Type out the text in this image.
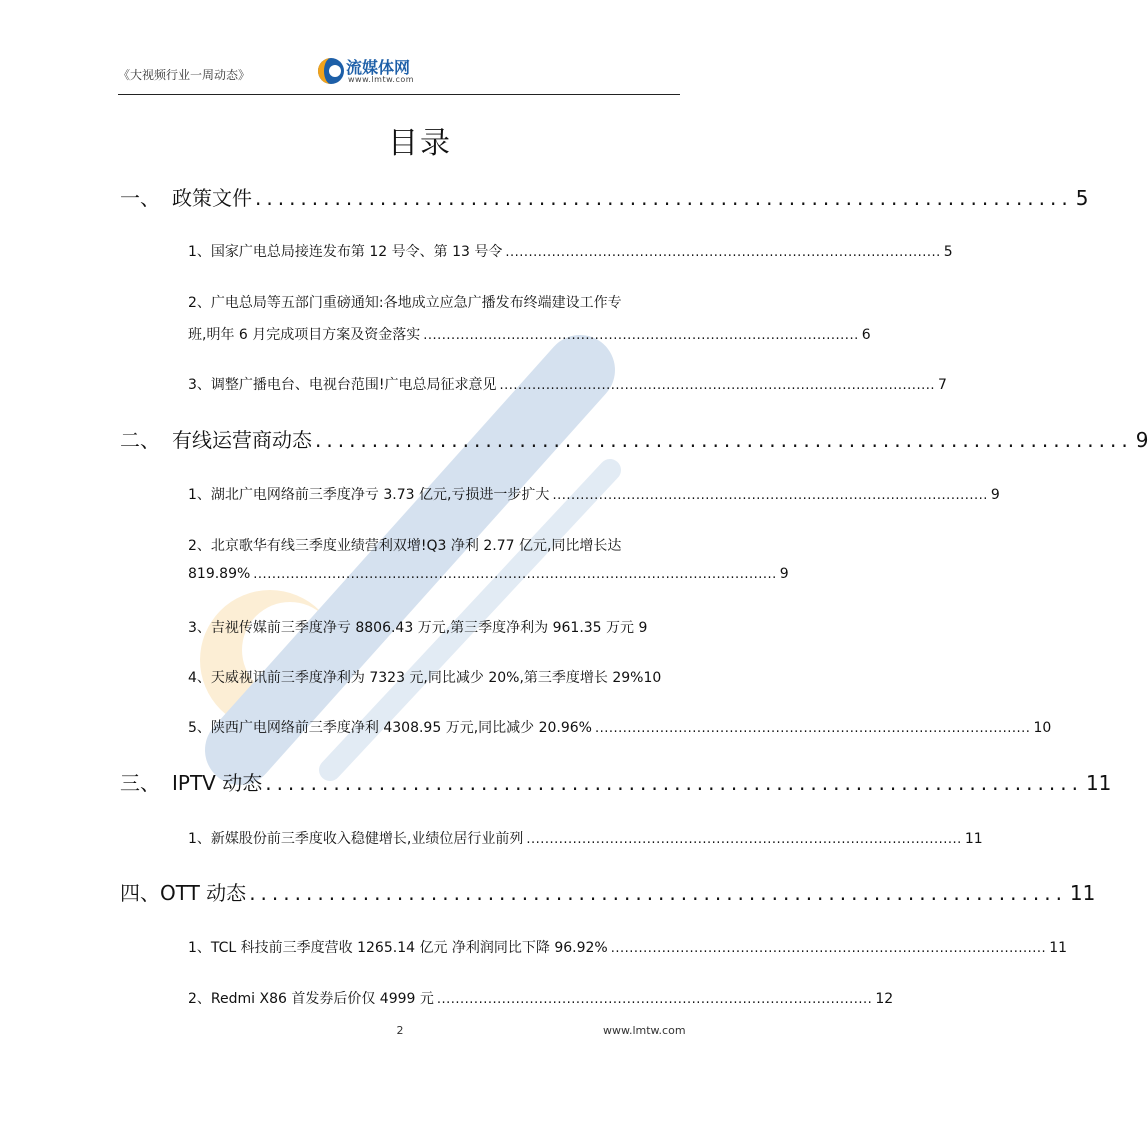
《大视频行业一周动态》	流媒体网
www.lmtw.com
目录
一、 政策文件 ........................................................................ 5
1、国家广电总局接连发布第 12 号令、第 13 号令 .............................................................................................. 5
2、广电总局等五部门重磅通知:各地成立应急广播发布终端建设工作专
班,明年 6 月完成项目方案及资金落实 .............................................................................................. 6
3、调整广播电台、电视台范围!广电总局征求意见 .............................................................................................. 7
二、 有线运营商动态 ........................................................................ 9
1、湖北广电网络前三季度净亏 3.73 亿元,亏损进一步扩大 .............................................................................................. 9
2、北京歌华有线三季度业绩营利双增!Q3 净利 2.77 亿元,同比增长达
819.89% ................................................................................................................. 9
3、吉视传媒前三季度净亏 8806.43 万元,第三季度净利为 961.35 万元 9
4、天威视讯前三季度净利为 7323 元,同比减少 20%,第三季度增长 29%10
5、陕西广电网络前三季度净利 4308.95 万元,同比减少 20.96% .............................................................................................. 10
三、 IPTV 动态 ........................................................................ 11
1、新媒股份前三季度收入稳健增长,业绩位居行业前列 .............................................................................................. 11
四、OTT 动态 ........................................................................ 11
1、TCL 科技前三季度营收 1265.14 亿元 净利润同比下降 96.92% .............................................................................................. 11
2、Redmi X86 首发券后价仅 4999 元 .............................................................................................. 12
2	www.lmtw.com
